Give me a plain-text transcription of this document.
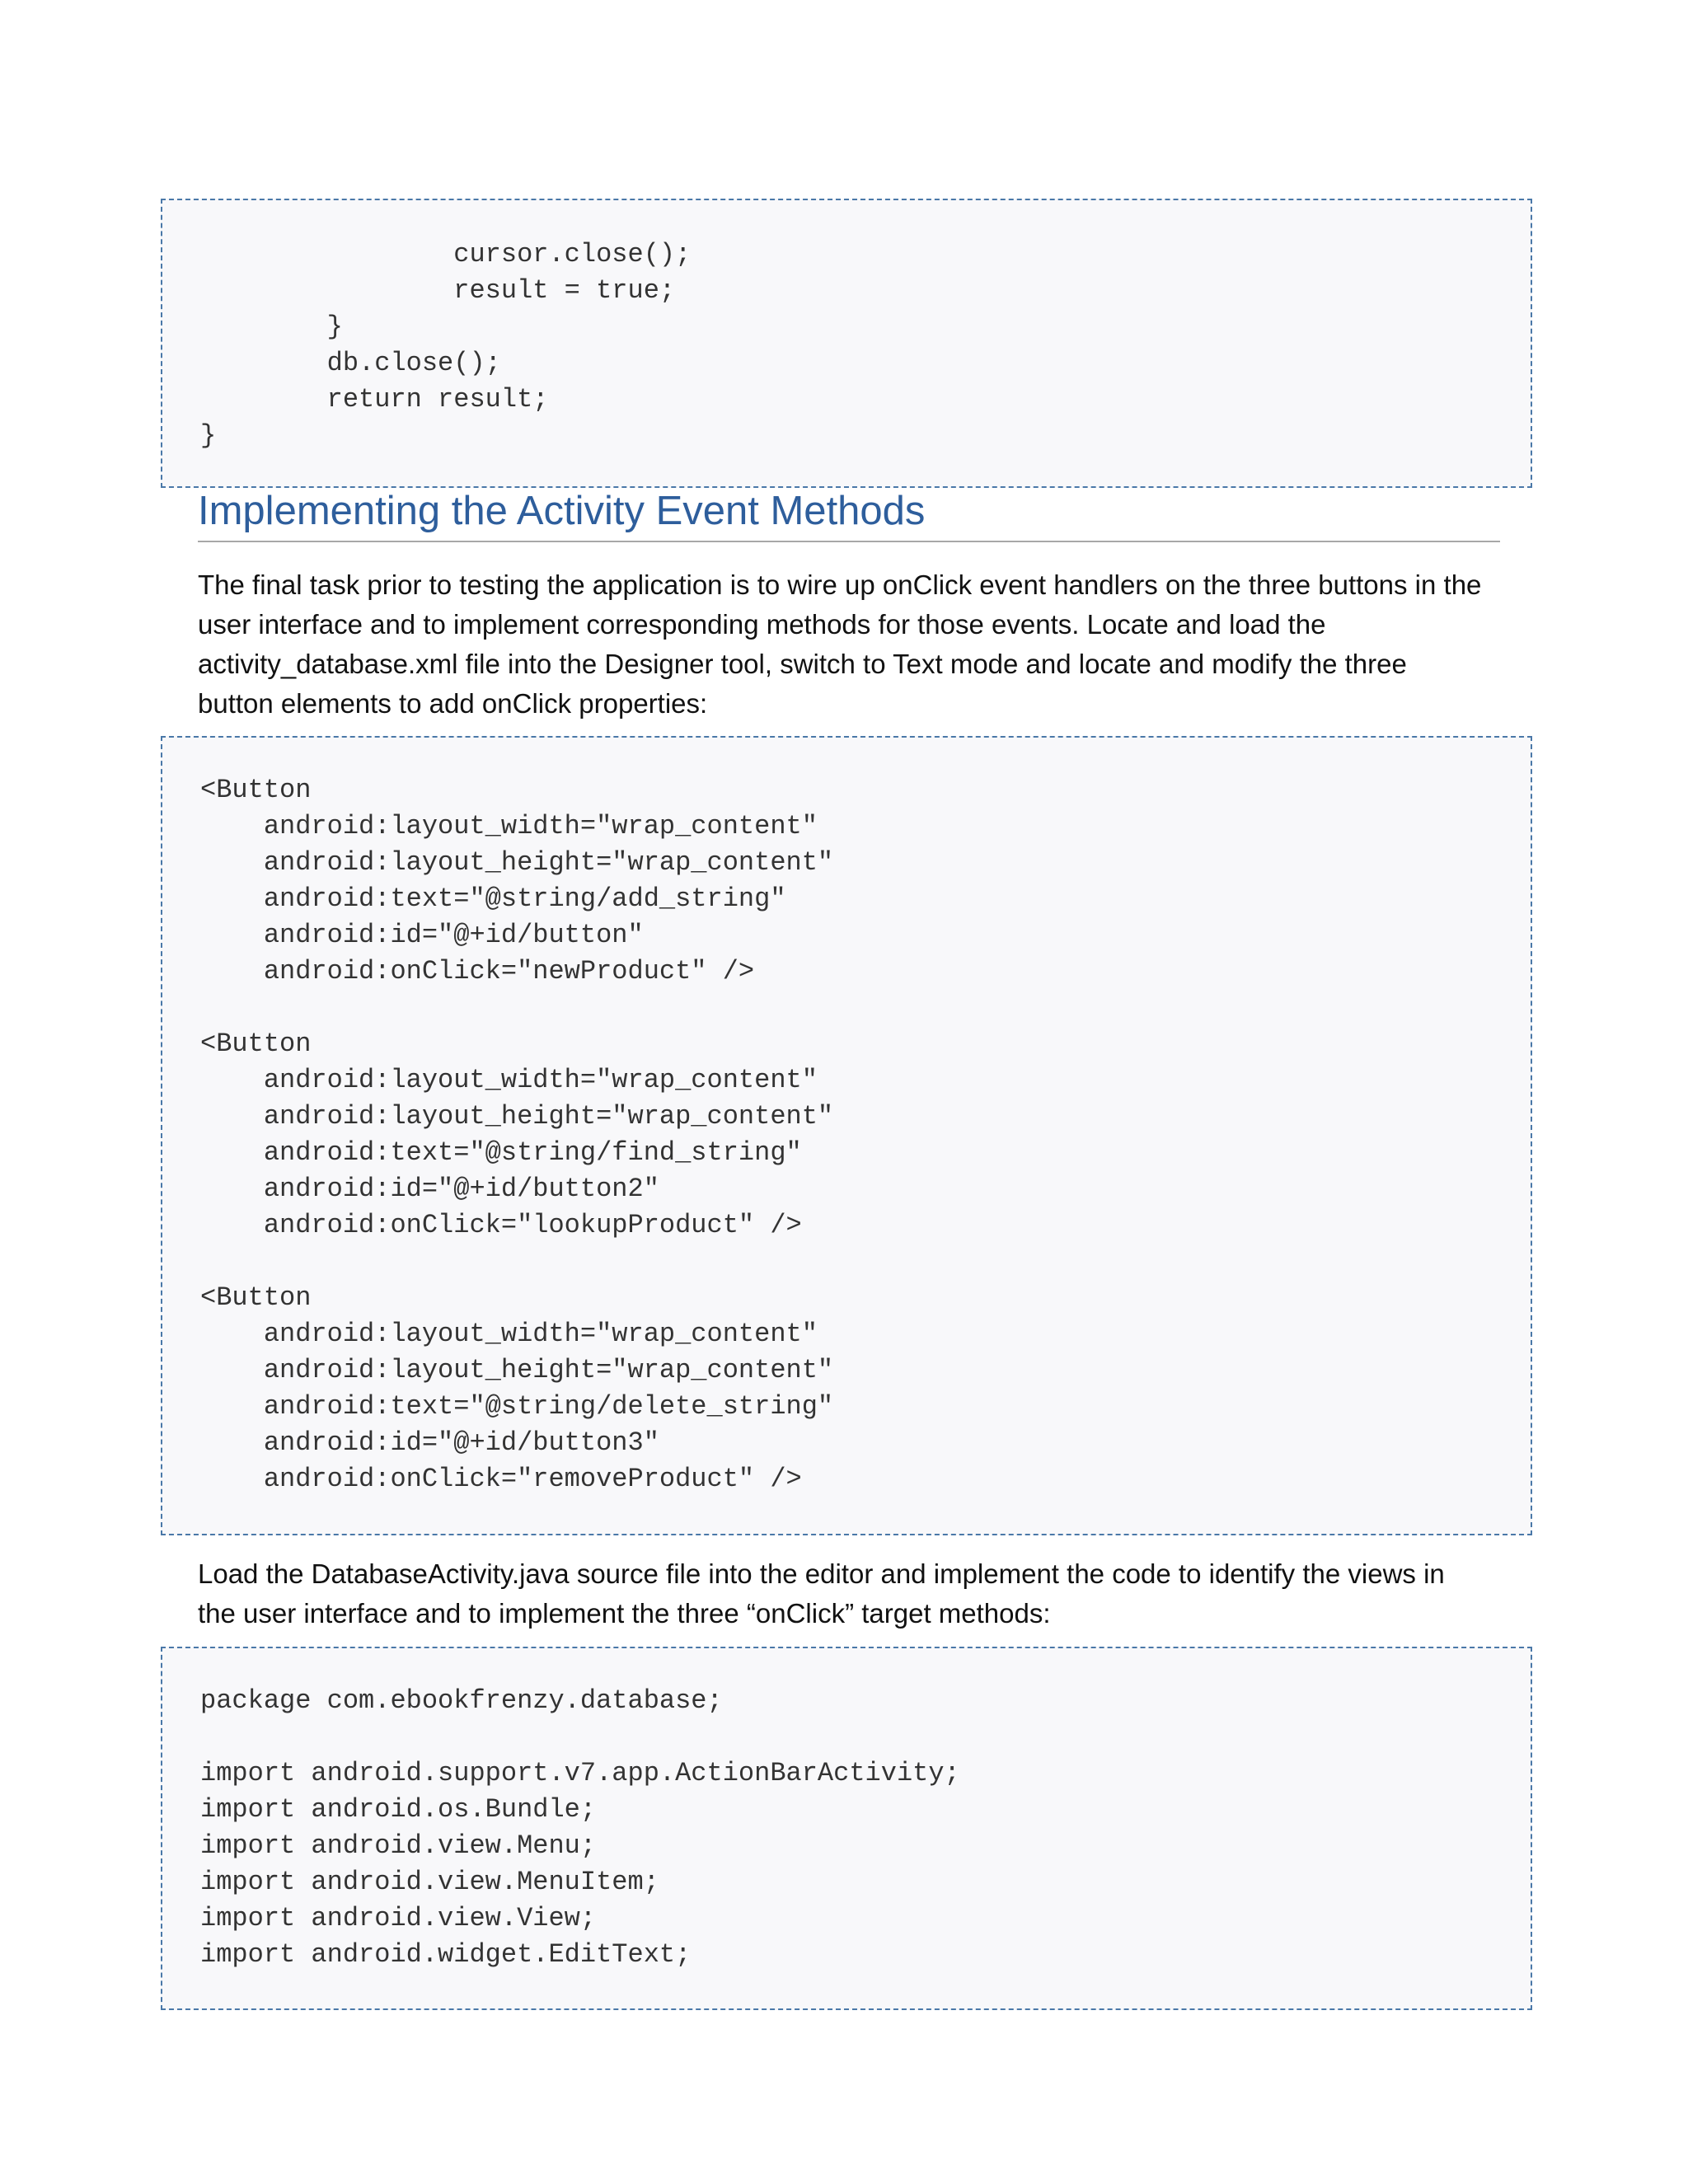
cursor.close();
result = true;
}
db.close();
return result;
}
Implementing the Activity Event Methods

The final task prior to testing the application is to wire up onClick event handlers on the three buttons in the user interface and to implement corresponding methods for those events. Locate and load the activity_database.xml file into the Designer tool, switch to Text mode and locate and modify the three button elements to add onClick properties:

<Button
android:layout_width="wrap_content"
android:layout_height="wrap_content"
android:text="@string/add_string"
android:id="@+id/button"
android:onClick="newProduct" />

<Button
android:layout_width="wrap_content"
android:layout_height="wrap_content"
android:text="@string/find_string"
android:id="@+id/button2"
android:onClick="lookupProduct" />

<Button
android:layout_width="wrap_content"
android:layout_height="wrap_content"
android:text="@string/delete_string"
android:id="@+id/button3"
android:onClick="removeProduct" />

Load the DatabaseActivity.java source file into the editor and implement the code to identify the views in the user interface and to implement the three “onClick” target methods:

package com.ebookfrenzy.database;

import android.support.v7.app.ActionBarActivity;
import android.os.Bundle;
import android.view.Menu;
import android.view.MenuItem;
import android.view.View;
import android.widget.EditText;
